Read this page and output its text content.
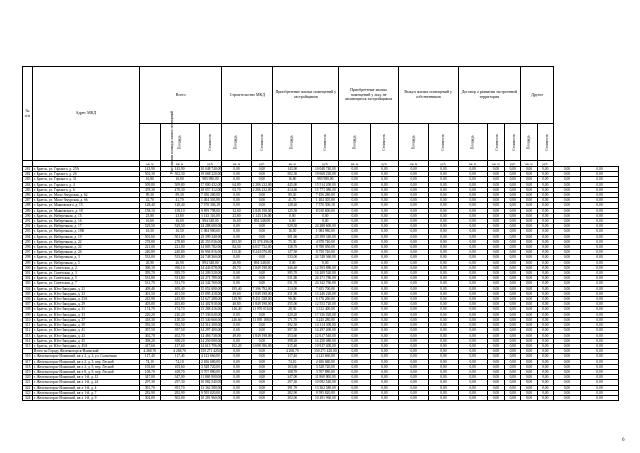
№ п/п	Адрес МКД	Всего			Строительство МКД		Приобретение жилых помещений у застройщиков		Приобретение жилых помещений у лиц, не являющихся застройщиком		Выкуп жилых помещений у собственников		Договор о развитии застроенной территории			Другое			
		Расселяемая площадь жилых помещений	Площадь	Стоимость	Площадь	Стоимость	Площадь	Стоимость	Площадь	Стоимость	Площадь	Стоимость	Площадь	Стоимость	Стоимость	Площадь	Стоимость		
		кв. м	кв. м	руб.	кв. м	руб.	кв. м	руб.	кв. м	руб.	кв. м	руб.	кв. м	кв. м	руб.	кв. м	руб.		
281	г. Братск, ул. Горького, д. 25А	143,90	143,90	10 048 740,00	0,00	0,00	143,90	10 048 740,00	0,00	0,00	0,00	0,00	0,00	0,00	0,00	0,00	0,00	0,00	0,00
282	г. Братск, ул. Горького, д. 26	502,30	502,30	19 668 220,00	0,00	0,00	502,30	19 668 220,00	0,00	0,00	0,00	0,00	0,00	0,00	0,00	0,00	0,00	0,00	0,00
283	г. Братск, ул. Горького, д. 31	16,80	16,80	985 980,00	0,00	0,00	16,80	985 980,00	0,00	0,00	0,00	0,00	0,00	0,00	0,00	0,00	0,00	0,00	0,00
284	г. Братск, ул. Горького, д. 4	509,80	509,80	17 800 432,00	64,80	2 286 232,00	445,00	15 514 200,00	0,00	0,00	0,00	0,00	0,00	0,00	0,00	0,00	0,00	0,00	0,00
285	г. Братск, ул. Горького, д. 6	478,30	478,30	18 057 312,00	63,70	2 286 232,00	414,60	15 771 080,00	0,00	0,00	0,00	0,00	0,00	0,00	0,00	0,00	0,00	0,00	0,00
286	г. Братск, ул. Мало-Амурская, д. 62	89,30	89,30	7 456 280,00	0,00	0,00	89,30	7 456 280,00	0,00	0,00	0,00	0,00	0,00	0,00	0,00	0,00	0,00	0,00	0,00
287	г. Братск, ул. Мало-Амурская, д. 66	41,70	41,70	1 404 305,88	0,00	0,00	41,70	1 404 305,88	0,00	0,00	0,00	0,00	0,00	0,00	0,00	0,00	0,00	0,00	0,00
288	г. Братск, ул. Маяковского, д. 15	128,40	128,40	7 570 306,18	0,00	0,00	128,40	7 570 306,18	0,00	0,00	0,00	0,00	0,00	0,00	0,00	0,00	0,00	0,00	0,00
289	г. Братск, ул. Маяковского, д. 18	158,10	158,10	9 859 798,00	32,60	1 849 198,00	125,50	8 010 600,00	0,00	0,00	0,00	0,00	0,00	0,00	0,00	0,00	0,00	0,00	0,00
290	г. Братск, ул. Набережная, д. 15	23,80	23,80	1 143 116,00	23,80	1 143 116,00	0,00	0,00	0,00	0,00	0,00	0,00	0,00	0,00	0,00	0,00	0,00	0,00	0,00
291	г. Братск, ул. Набережная, д. 16	16,60	16,60	894 348,00	16,60	894 348,00	0,00	0,00	0,00	0,00	0,00	0,00	0,00	0,00	0,00	0,00	0,00	0,00	0,00
292	г. Братск, ул. Набережная, д. 17	529,50	529,50	24 288 600,00	0,00	0,00	529,50	24 288 600,00	0,00	0,00	0,00	0,00	0,00	0,00	0,00	0,00	0,00	0,00	0,00
293	г. Братск, ул. Набережная, д. 18В	16,50	16,50	1 084 980,00	0,00	0,00	16,50	1 084 980,00	0,00	0,00	0,00	0,00	0,00	0,00	0,00	0,00	0,00	0,00	0,00
294	г. Братск, ул. Набережная, д. 19	501,60	501,60	23 399 340,00	0,00	0,00	501,60	23 399 340,00	0,00	0,00	0,00	0,00	0,00	0,00	0,00	0,00	0,00	0,00	0,00
295	г. Братск, ул. Набережная, д. 22	278,80	278,80	20 355 036,00	203,50	15 376 296,00	75,30	4 978 740,00	0,00	0,00	0,00	0,00	0,00	0,00	0,00	0,00	0,00	0,00	0,00
296	г. Братск, ул. Набережная, д. 24	221,00	221,00	14 805 782,00	82,30	6 017 732,00	138,70	8 788 050,00	0,00	0,00	0,00	0,00	0,00	0,00	0,00	0,00	0,00	0,00	0,00
297	г. Братск, ул. Набережная, д. 26	240,80	240,80	16 994 816,00	113,30	8 244 076,00	127,50	8 750 740,00	0,00	0,00	0,00	0,00	0,00	0,00	0,00	0,00	0,00	0,00	0,00
298	г. Братск, ул. Набережная, д. 3	533,00	533,00	24 748 360,00	0,00	0,00	533,00	24 748 360,00	0,00	0,00	0,00	0,00	0,00	0,00	0,00	0,00	0,00	0,00	0,00
299	г. Братск, ул. Набережная, д. 5	26,90	26,90	894 348,00	26,90	894 348,00	0,00	0,00	0,00	0,00	0,00	0,00	0,00	0,00	0,00	0,00	0,00	0,00	0,00
300	г. Братск, ул. Советская, д. 2	396,10	396,10	14 443 078,00	49,70	1 849 198,00	346,40	12 593 880,00	0,00	0,00	0,00	0,00	0,00	0,00	0,00	0,00	0,00	0,00	0,00
301	г. Братск, ул. Советская, д. 3	395,70	395,70	14 209 520,00	0,00	0,00	395,70	14 209 520,00	0,00	0,00	0,00	0,00	0,00	0,00	0,00	0,00	0,00	0,00	0,00
302	г. Братск, ул. Советская, д. 5	531,80	531,80	24 271 780,00	0,00	0,00	531,80	24 271 780,00	0,00	0,00	0,00	0,00	0,00	0,00	0,00	0,00	0,00	0,00	0,00
303	г. Братск, ул. Советская, д. 7	531,70	531,70	24 342 760,00	0,00	0,00	531,70	24 342 760,00	0,00	0,00	0,00	0,00	0,00	0,00	0,00	0,00	0,00	0,00	0,00
304	г. Братск, ул. Юго-Западная, д. 21	409,40	409,40	15 052 690,00	195,40	7 396 792,00	214,00	7 655 700,00	0,00	0,00	0,00	0,00	0,00	0,00	0,00	0,00	0,00	0,00	0,00
305	г. Братск, ул. Юго-Западная, д. 23	401,50	401,50	15 095 418,00	49,60	1 849 198,00	351,90	13 246 220,00	0,00	0,00	0,00	0,00	0,00	0,00	0,00	0,00	0,00	0,00	0,00
306	г. Братск, ул. Юго-Западная, д. 23А	245,90	245,90	14 627 288,00	149,90	8 451 028,00	96,00	6 176 260,00	0,00	0,00	0,00	0,00	0,00	0,00	0,00	0,00	0,00	0,00	0,00
307	г. Братск, ул. Юго-Западная, д. 29	403,80	403,80	14 402 918,00	48,80	1 849 198,00	355,00	12 553 720,00	0,00	0,00	0,00	0,00	0,00	0,00	0,00	0,00	0,00	0,00	0,00
308	г. Братск, ул. Юго-Западная, д. 31	174,70	174,70	15 288 416,00	146,40	11 976 016,00	28,30	3 312 400,00	0,00	0,00	0,00	0,00	0,00	0,00	0,00	0,00	0,00	0,00	0,00
309	г. Братск, ул. Юго-Западная, д. 33	220,20	220,20	17 336 020,00	0,00	0,00	220,20	17 336 020,00	0,00	0,00	0,00	0,00	0,00	0,00	0,00	0,00	0,00	0,00	0,00
310	г. Братск, ул. Юго-Западная, д. 37	418,30	418,30	15 340 668,00	246,60	11 095 188,00	171,70	4 245 280,00	0,00	0,00	0,00	0,00	0,00	0,00	0,00	0,00	0,00	0,00	0,00
311	г. Братск, ул. Юго-Западная, д. 39	392,50	392,50	14 314 300,00	0,00	0,00	392,50	14 314 300,00	0,00	0,00	0,00	0,00	0,00	0,00	0,00	0,00	0,00	0,00	0,00
312	г. Братск, ул. Юго-Западная, д. 41	397,50	397,50	14 297 400,00	0,00	0,00	397,50	14 297 400,00	0,00	0,00	0,00	0,00	0,00	0,00	0,00	0,00	0,00	0,00	0,00
313	г. Братск, ул. Юго-Западная, д. 43	402,70	402,70	14 466 738,00	49,00	1 849 198,00	353,60	12 617 540,00	0,00	0,00	0,00	0,00	0,00	0,00	0,00	0,00	0,00	0,00	0,00
314	г. Братск, ул. Юго-Западная, д. 45	398,20	398,20	14 250 080,00	0,00	0,00	398,20	14 250 080,00	0,00	0,00	0,00	0,00	0,00	0,00	0,00	0,00	0,00	0,00	0,00
315	г. Братск, ул. Юго-Западная, д. 45А	417,60	417,60	14 615 796,00	102,20	3 698 396,00	315,40	10 917 400,00	0,00	0,00	0,00	0,00	0,00	0,00	0,00	0,00	0,00	0,00	0,00
	Итого по Городу Железногорск-Илимский	4 268,70	4 268,70	150 271 420,00	0,00	0,00	4 268,70	150 271 420,00	0,00	0,00	0,00	0,00	0,00	0,00	0,00	0,00	0,00	0,00	0,00
316	г. Железногорск-Илимский, кв-л 2, д. 2, ул. Солнечная	117,40	117,40	4 123 660,00	0,00	0,00	117,40	4 123 660,00	0,00	0,00	0,00	0,00	0,00	0,00	0,00	0,00	0,00	0,00	0,00
317	г. Железногорск-Илимский, кв-л 2, д. 3, пер. Лесной	74,10	74,10	2 656 680,00	0,00	0,00	74,10	2 656 680,00	0,00	0,00	0,00	0,00	0,00	0,00	0,00	0,00	0,00	0,00	0,00
318	г. Железногорск-Илимский, кв-л 2, д. 5, пер. Лесной	103,60	103,60	3 528 720,00	0,00	0,00	103,60	3 528 720,00	0,00	0,00	0,00	0,00	0,00	0,00	0,00	0,00	0,00	0,00	0,00
319	г. Железногорск-Илимский, кв-л 8, д. 9, пер. Лесной	108,70	108,70	3 707 880,00	0,00	0,00	108,70	3 707 880,00	0,00	0,00	0,00	0,00	0,00	0,00	0,00	0,00	0,00	0,00	0,00
320	г. Железногорск-Илимский, кв-л 1-й, д. 12	347,00	347,00	11 869 900,00	0,00	0,00	347,00	11 869 900,00	0,00	0,00	0,00	0,00	0,00	0,00	0,00	0,00	0,00	0,00	0,00
321	г. Железногорск-Илимский, кв-л 1-й, д. 24	297,30	297,30	10 082 540,00	0,00	0,00	297,30	10 082 540,00	0,00	0,00	0,00	0,00	0,00	0,00	0,00	0,00	0,00	0,00	0,00
322	г. Железногорск-Илимский, кв-л 1-й, д. 4	391,70	391,70	13 362 580,00	0,00	0,00	391,70	13 362 580,00	0,00	0,00	0,00	0,00	0,00	0,00	0,00	0,00	0,00	0,00	0,00
323	г. Железногорск-Илимский, кв-л 1-й, д. 7	282,90	282,90	9 595 820,00	0,00	0,00	282,90	9 595 820,00	0,00	0,00	0,00	0,00	0,00	0,00	0,00	0,00	0,00	0,00	0,00
324	г. Железногорск-Илимский, кв-л 1-й, д. 9	302,00	302,00	10 281 960,00	0,00	0,00	302,00	10 281 960,00	0,00	0,00	0,00	0,00	0,00	0,00	0,00	0,00	0,00	0,00	0,00
6
